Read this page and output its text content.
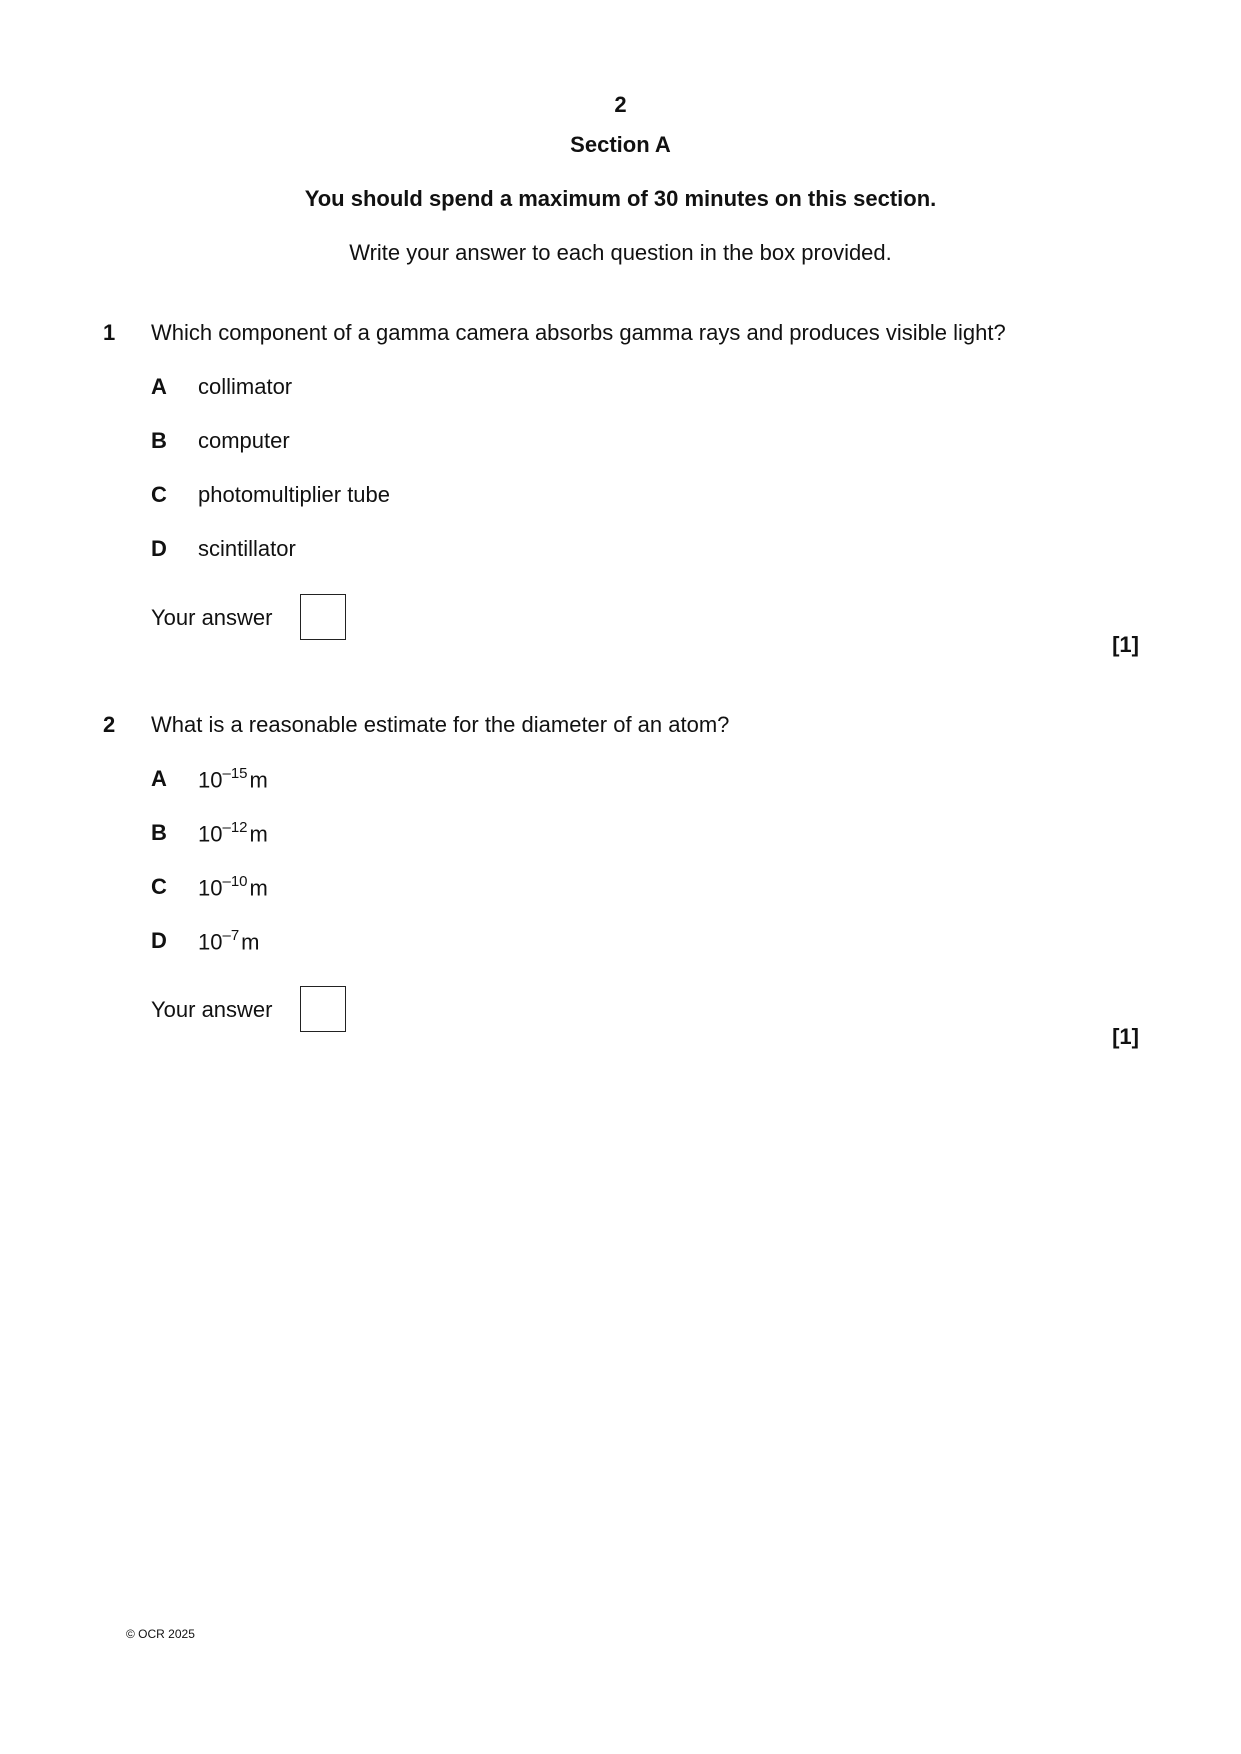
2
Section A
You should spend a maximum of 30 minutes on this section.
Write your answer to each question in the box provided.
1 Which component of a gamma camera absorbs gamma rays and produces visible light?
A collimator
B computer
C photomultiplier tube
D scintillator
Your answer
[1]
2 What is a reasonable estimate for the diameter of an atom?
A $10^{-15}m$
B $10^{-12}m$
C $10^{-10}m$
D $10^{-7}m$
Your answer
[1]
© OCR 2025
